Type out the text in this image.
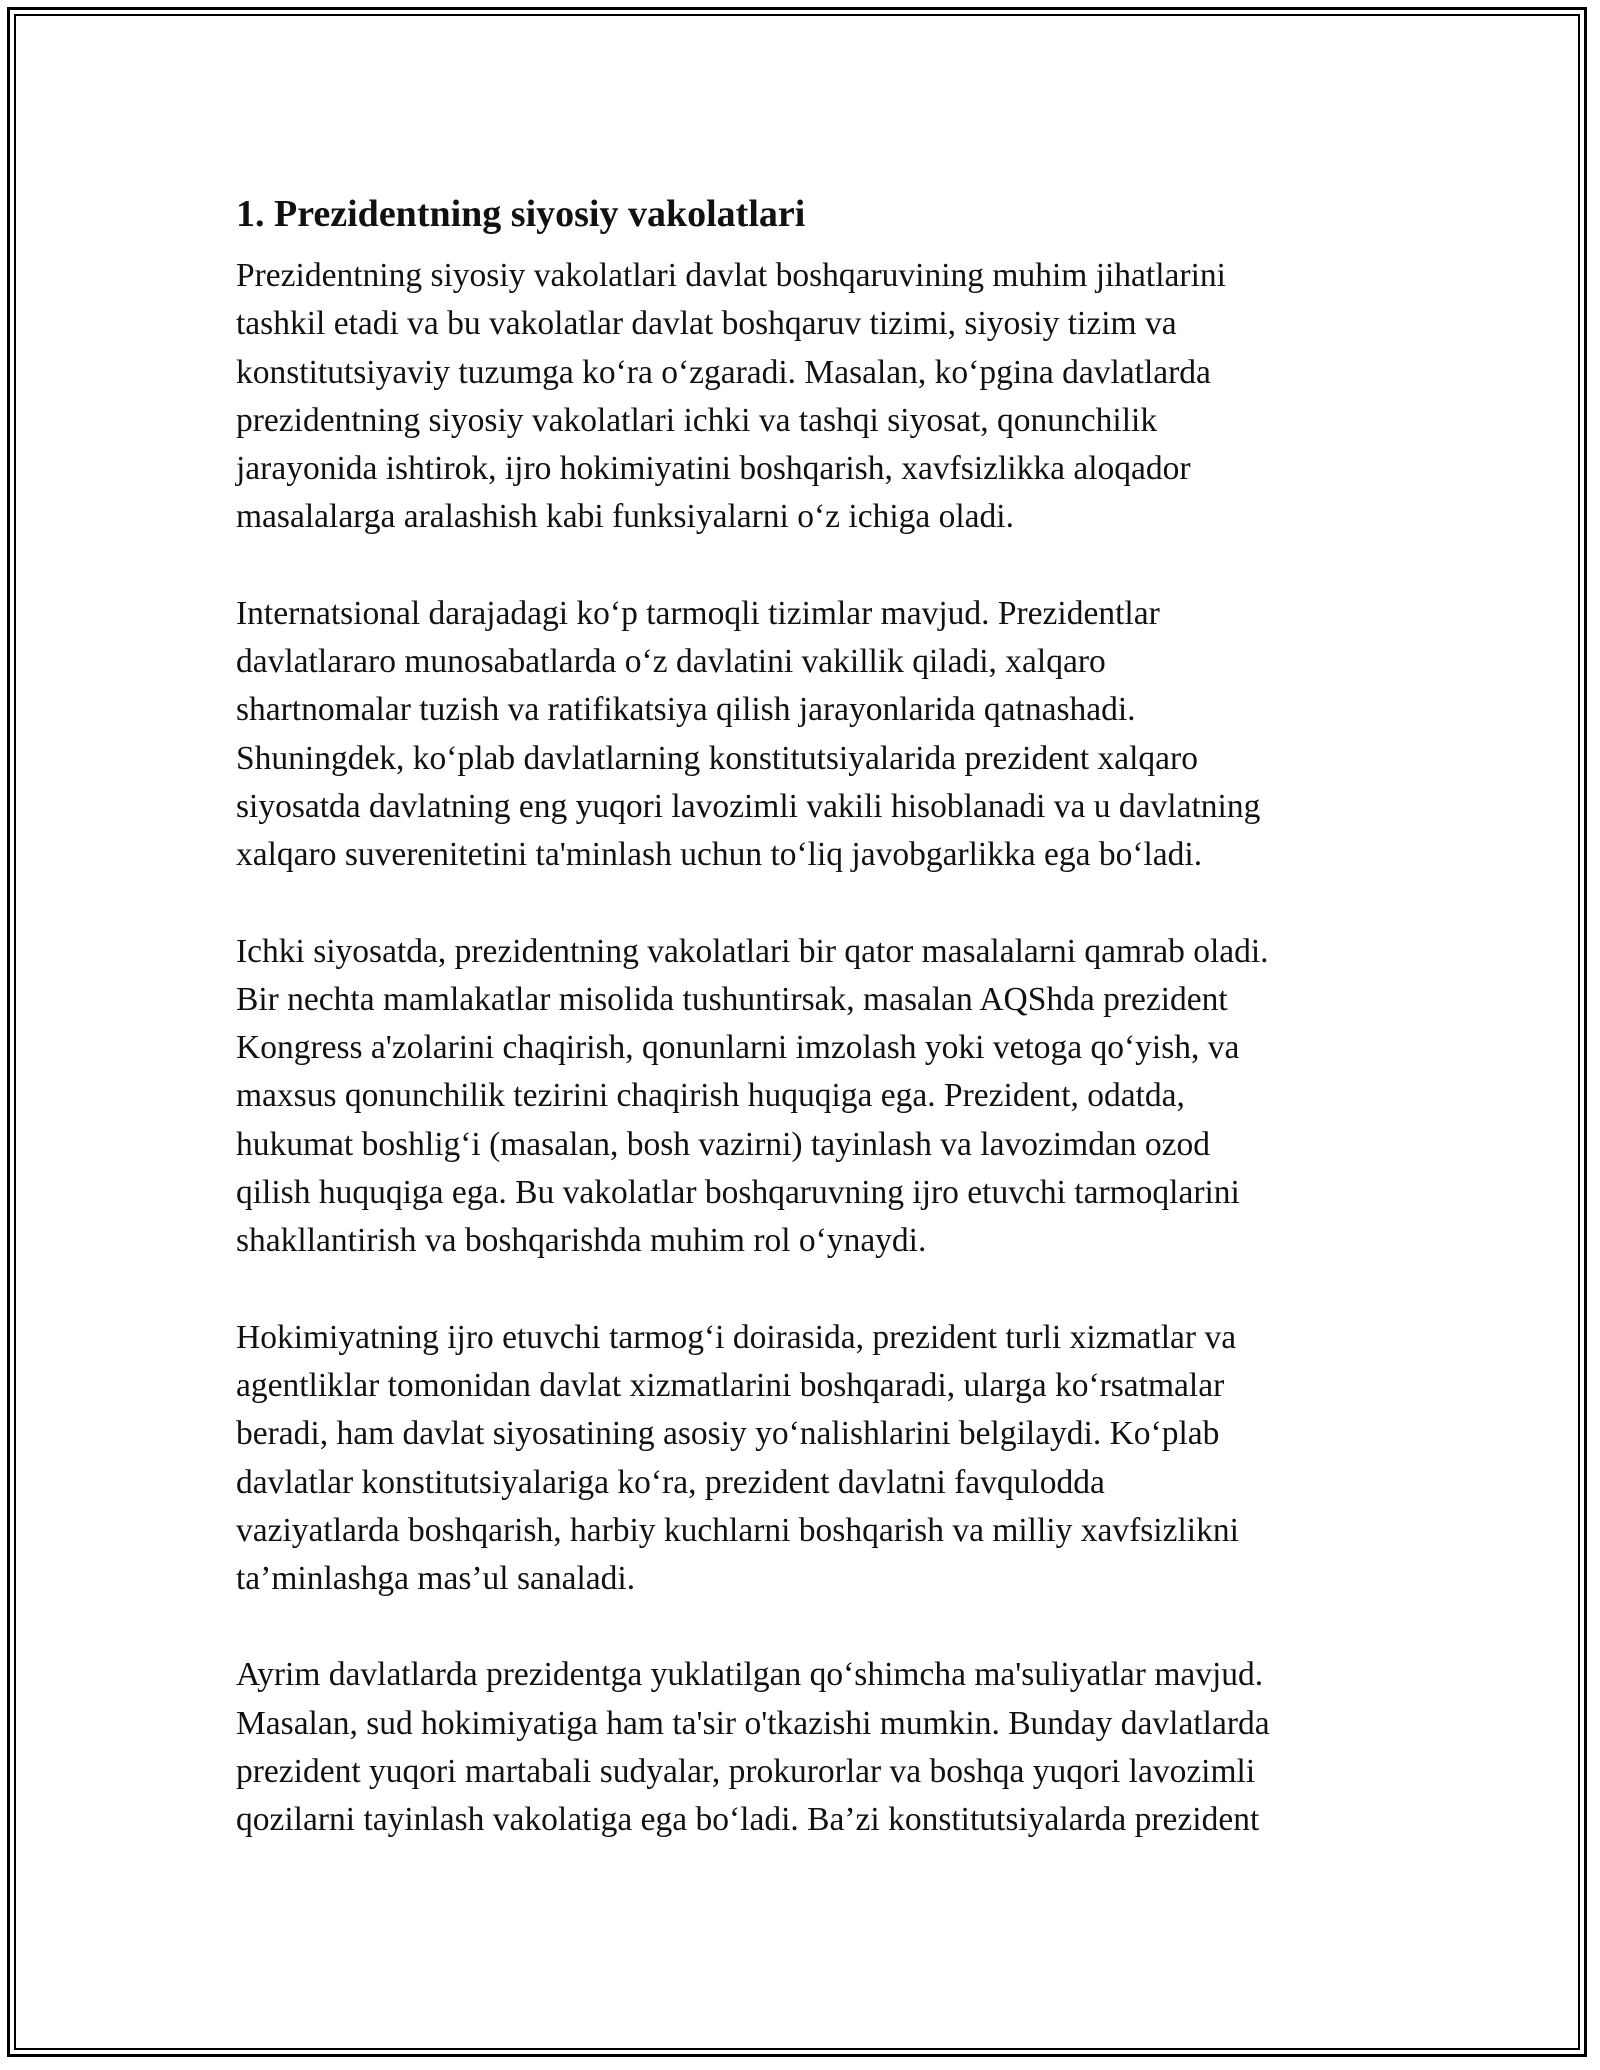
1. Prezidentning siyosiy vakolatlari

Prezidentning siyosiy vakolatlari davlat boshqaruvining muhim jihatlarini
tashkil etadi va bu vakolatlar davlat boshqaruv tizimi, siyosiy tizim va
konstitutsiyaviy tuzumga ko‘ra o‘zgaradi. Masalan, ko‘pgina davlatlarda
prezidentning siyosiy vakolatlari ichki va tashqi siyosat, qonunchilik
jarayonida ishtirok, ijro hokimiyatini boshqarish, xavfsizlikka aloqador
masalalarga aralashish kabi funksiyalarni o‘z ichiga oladi.

Internatsional darajadagi ko‘p tarmoqli tizimlar mavjud. Prezidentlar
davlatlararo munosabatlarda o‘z davlatini vakillik qiladi, xalqaro
shartnomalar tuzish va ratifikatsiya qilish jarayonlarida qatnashadi.
Shuningdek, ko‘plab davlatlarning konstitutsiyalarida prezident xalqaro
siyosatda davlatning eng yuqori lavozimli vakili hisoblanadi va u davlatning
xalqaro suverenitetini ta'minlash uchun to‘liq javobgarlikka ega bo‘ladi.

Ichki siyosatda, prezidentning vakolatlari bir qator masalalarni qamrab oladi.
Bir nechta mamlakatlar misolida tushuntirsak, masalan AQShda prezident
Kongress a'zolarini chaqirish, qonunlarni imzolash yoki vetoga qo‘yish, va
maxsus qonunchilik tezirini chaqirish huquqiga ega. Prezident, odatda,
hukumat boshlig‘i (masalan, bosh vazirni) tayinlash va lavozimdan ozod
qilish huquqiga ega. Bu vakolatlar boshqaruvning ijro etuvchi tarmoqlarini
shakllantirish va boshqarishda muhim rol o‘ynaydi.

Hokimiyatning ijro etuvchi tarmog‘i doirasida, prezident turli xizmatlar va
agentliklar tomonidan davlat xizmatlarini boshqaradi, ularga ko‘rsatmalar
beradi, ham davlat siyosatining asosiy yo‘nalishlarini belgilaydi. Ko‘plab
davlatlar konstitutsiyalariga ko‘ra, prezident davlatni favqulodda
vaziyatlarda boshqarish, harbiy kuchlarni boshqarish va milliy xavfsizlikni
ta’minlashga mas’ul sanaladi.

Ayrim davlatlarda prezidentga yuklatilgan qo‘shimcha ma'suliyatlar mavjud.
Masalan, sud hokimiyatiga ham ta'sir o'tkazishi mumkin. Bunday davlatlarda
prezident yuqori martabali sudyalar, prokurorlar va boshqa yuqori lavozimli
qozilarni tayinlash vakolatiga ega bo‘ladi. Ba’zi konstitutsiyalarda prezident
